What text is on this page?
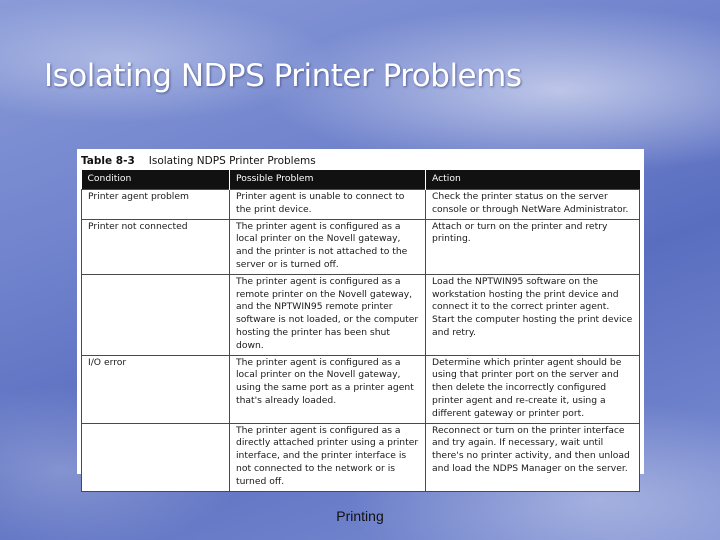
Isolating NDPS Printer Problems
Table 8-3 Isolating NDPS Printer Problems
Condition	Possible Problem	Action
Printer agent problem	Printer agent is unable to connect to the print device.	Check the printer status on the server console or through NetWare Administrator.
Printer not connected	The printer agent is configured as a local printer on the Novell gateway, and the printer is not attached to the server or is turned off.	Attach or turn on the printer and retry printing.
	The printer agent is configured as a remote printer on the Novell gateway, and the NPTWIN95 remote printer software is not loaded, or the computer hosting the printer has been shut down.	Load the NPTWIN95 software on the workstation hosting the print device and connect it to the correct printer agent. Start the computer hosting the print device and retry.
I/O error	The printer agent is configured as a local printer on the Novell gateway, using the same port as a printer agent that's already loaded.	Determine which printer agent should be using that printer port on the server and then delete the incorrectly configured printer agent and re-create it, using a different gateway or printer port.
	The printer agent is configured as a directly attached printer using a printer interface, and the printer interface is not connected to the network or is turned off.	Reconnect or turn on the printer interface and try again. If necessary, wait until there's no printer activity, and then unload and load the NDPS Manager on the server.
Printing
